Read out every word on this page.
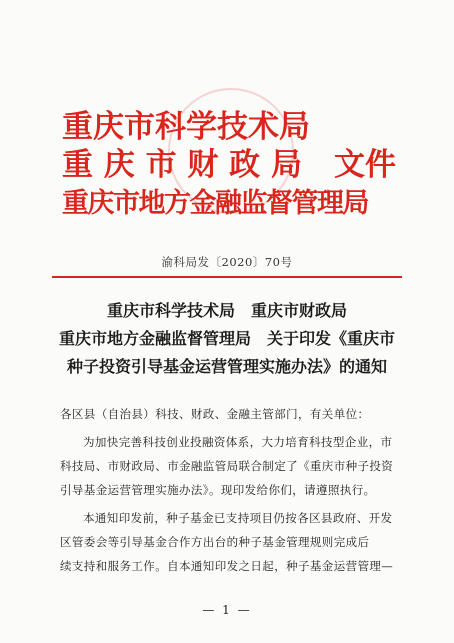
重庆市科学技术局
重 庆 市 财 政 局 文件
重庆市地方金融监督管理局
渝科局发〔2020〕70号
重庆市科学技术局　重庆市财政局
重庆市地方金融监督管理局　关于印发《重庆市
种子投资引导基金运营管理实施办法》的通知
各区县（自治县）科技、财政、金融主管部门，有关单位：
为加快完善科技创业投融资体系，大力培育科技型企业，市
科技局、市财政局、市金融监管局联合制定了《重庆市种子投资
引导基金运营管理实施办法》。现印发给你们，请遵照执行。
本通知印发前，种子基金已支持项目仍按各区县政府、开发
区管委会等引导基金合作方出台的种子基金管理规则完成后
续支持和服务工作。自本通知印发之日起，种子基金运营管理—
— 1 —
